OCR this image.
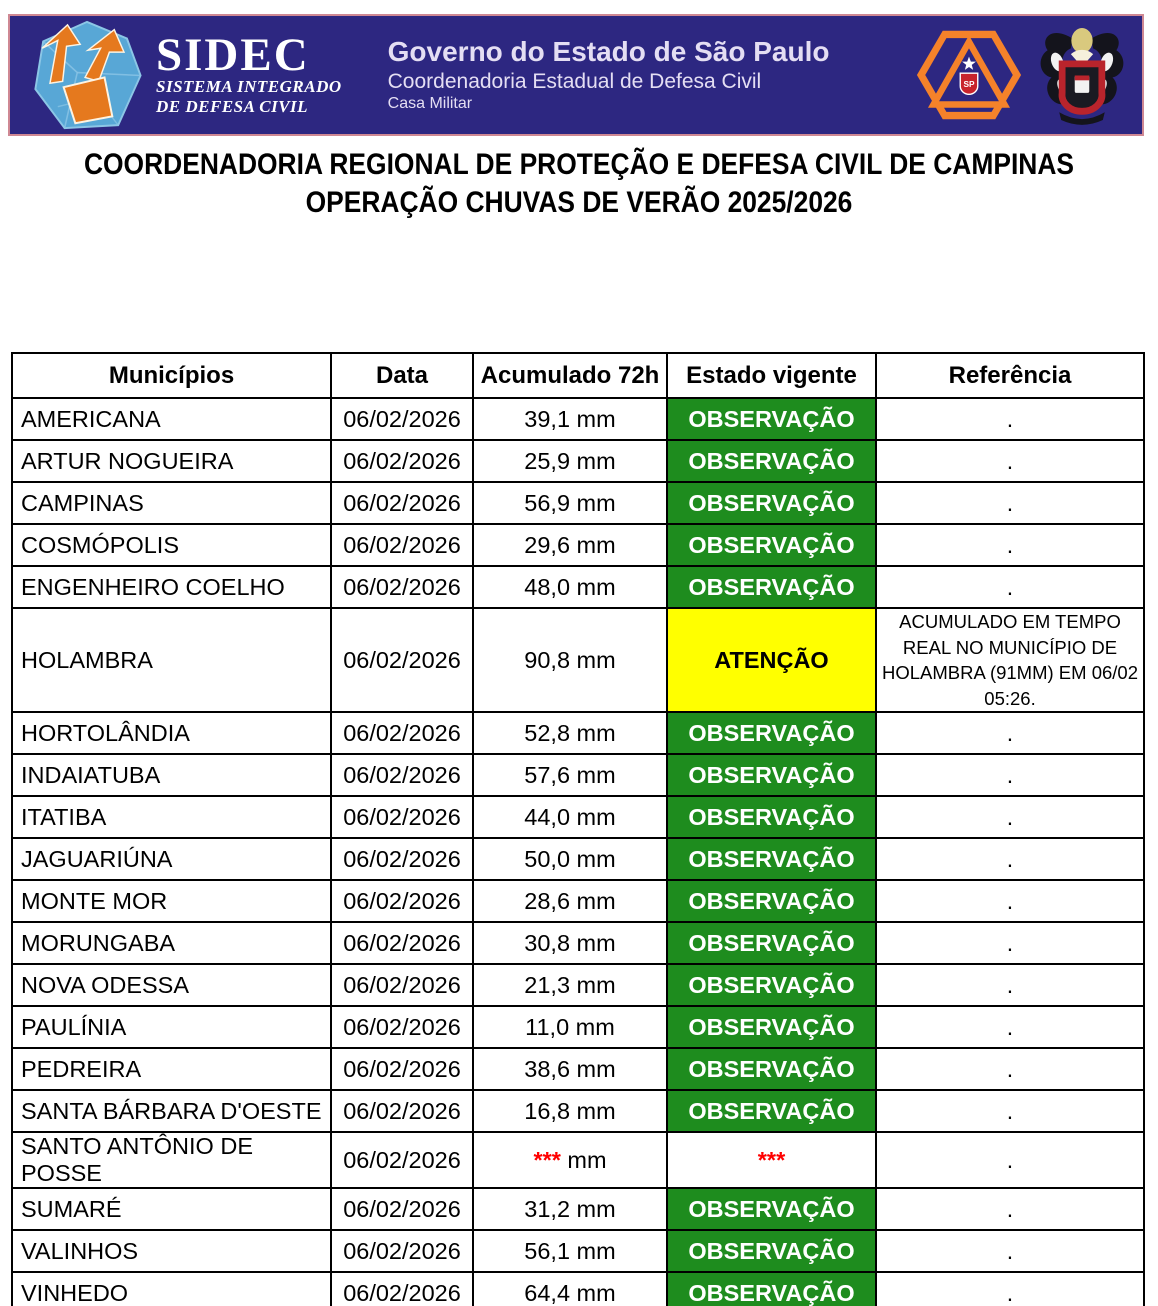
SIDEC
SISTEMA INTEGRADO
DE DEFESA CIVIL
Governo do Estado de São Paulo
Coordenadoria Estadual de Defesa Civil
Casa Militar
SP
COORDENADORIA REGIONAL DE PROTEÇÃO E DEFESA CIVIL DE CAMPINAS
OPERAÇÃO CHUVAS DE VERÃO 2025/2026
Municípios	Data	Acumulado 72h	Estado vigente	Referência
AMERICANA	06/02/2026	39,1 mm	OBSERVAÇÃO	.
ARTUR NOGUEIRA	06/02/2026	25,9 mm	OBSERVAÇÃO	.
CAMPINAS	06/02/2026	56,9 mm	OBSERVAÇÃO	.
COSMÓPOLIS	06/02/2026	29,6 mm	OBSERVAÇÃO	.
ENGENHEIRO COELHO	06/02/2026	48,0 mm	OBSERVAÇÃO	.
HOLAMBRA	06/02/2026	90,8 mm	ATENÇÃO	ACUMULADO EM TEMPO REAL NO MUNICÍPIO DE HOLAMBRA (91MM) EM 06/02 05:26.
HORTOLÂNDIA	06/02/2026	52,8 mm	OBSERVAÇÃO	.
INDAIATUBA	06/02/2026	57,6 mm	OBSERVAÇÃO	.
ITATIBA	06/02/2026	44,0 mm	OBSERVAÇÃO	.
JAGUARIÚNA	06/02/2026	50,0 mm	OBSERVAÇÃO	.
MONTE MOR	06/02/2026	28,6 mm	OBSERVAÇÃO	.
MORUNGABA	06/02/2026	30,8 mm	OBSERVAÇÃO	.
NOVA ODESSA	06/02/2026	21,3 mm	OBSERVAÇÃO	.
PAULÍNIA	06/02/2026	11,0 mm	OBSERVAÇÃO	.
PEDREIRA	06/02/2026	38,6 mm	OBSERVAÇÃO	.
SANTA BÁRBARA D'OESTE	06/02/2026	16,8 mm	OBSERVAÇÃO	.
SANTO ANTÔNIO DE POSSE	06/02/2026	*** mm	***	.
SUMARÉ	06/02/2026	31,2 mm	OBSERVAÇÃO	.
VALINHOS	06/02/2026	56,1 mm	OBSERVAÇÃO	.
VINHEDO	06/02/2026	64,4 mm	OBSERVAÇÃO	.
